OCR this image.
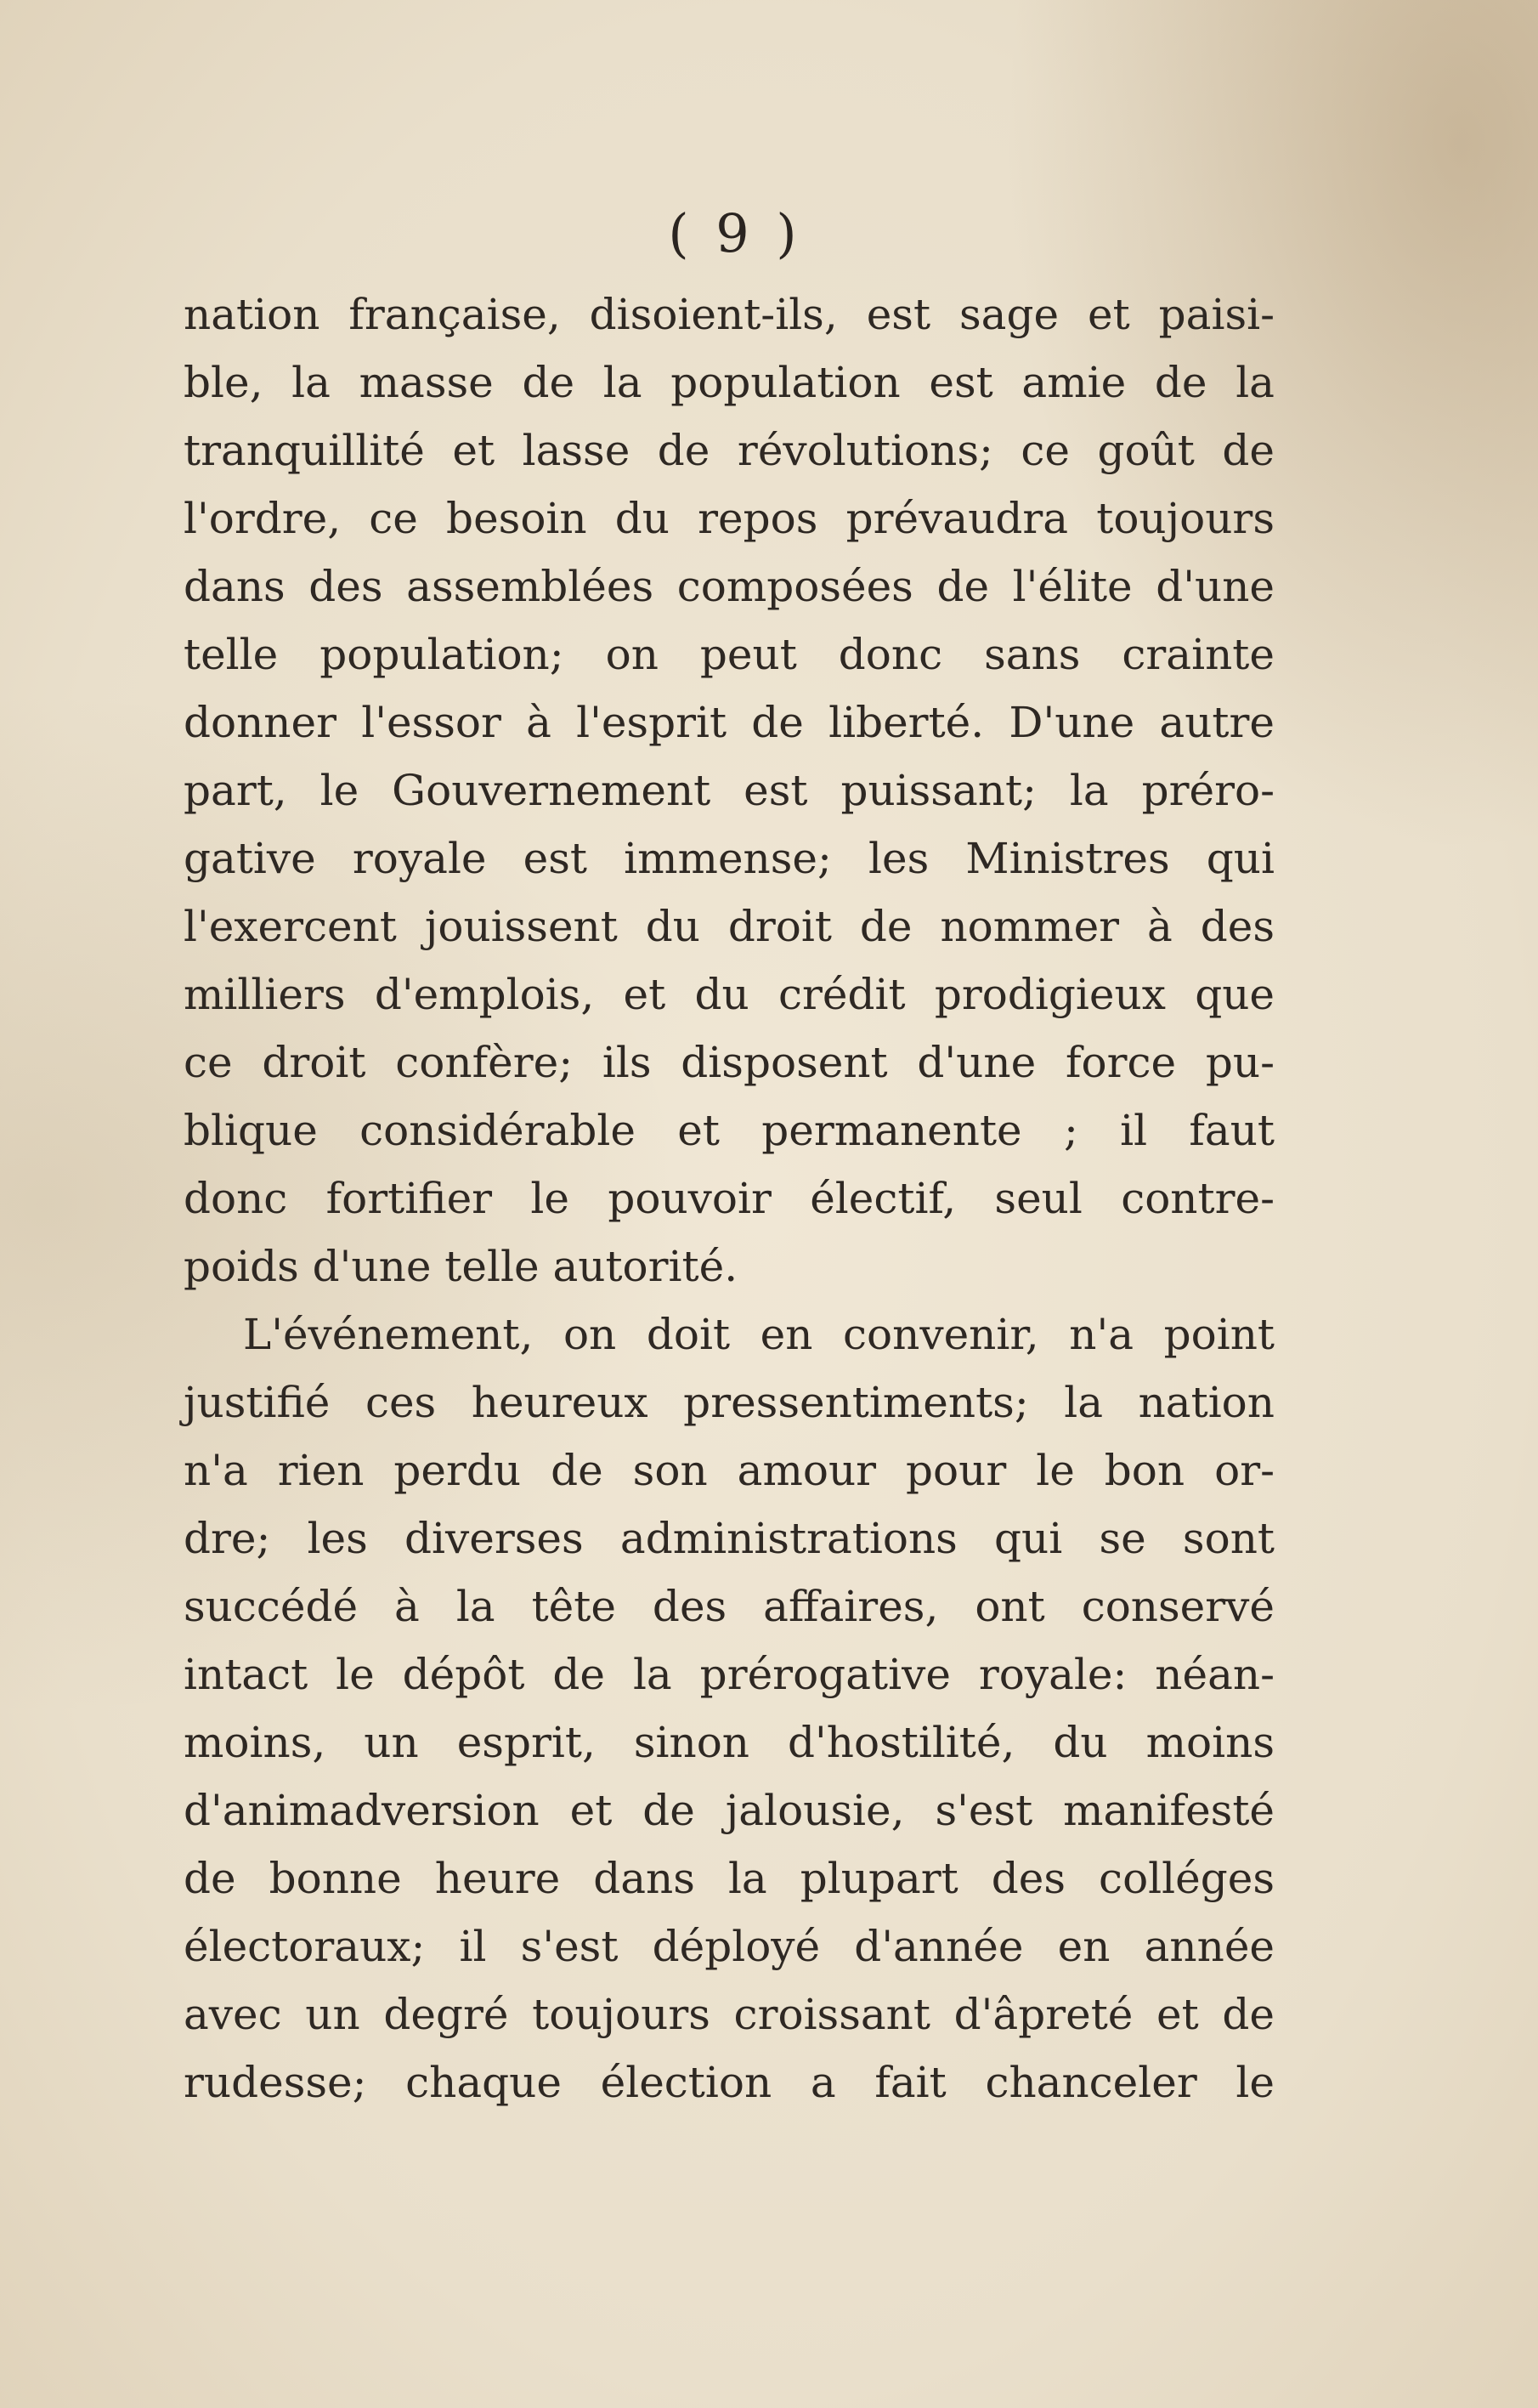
( 9 )
nation française, disoient-ils, est sage et paisi-
ble, la masse de la population est amie de la
tranquillité et lasse de révolutions; ce goût de
l'ordre, ce besoin du repos prévaudra toujours
dans des assemblées composées de l'élite d'une
telle population; on peut donc sans crainte
donner l'essor à l'esprit de liberté. D'une autre
part, le Gouvernement est puissant; la préro-
gative royale est immense; les Ministres qui
l'exercent jouissent du droit de nommer à des
milliers d'emplois, et du crédit prodigieux que
ce droit confère; ils disposent d'une force pu-
blique considérable et permanente ; il faut
donc fortifier le pouvoir électif, seul contre-
poids d'une telle autorité.
L'événement, on doit en convenir, n'a point
justifié ces heureux pressentiments; la nation
n'a rien perdu de son amour pour le bon or-
dre; les diverses administrations qui se sont
succédé à la tête des affaires, ont conservé
intact le dépôt de la prérogative royale: néan-
moins, un esprit, sinon d'hostilité, du moins
d'animadversion et de jalousie, s'est manifesté
de bonne heure dans la plupart des colléges
électoraux; il s'est déployé d'année en année
avec un degré toujours croissant d'âpreté et de
rudesse; chaque élection a fait chanceler le
